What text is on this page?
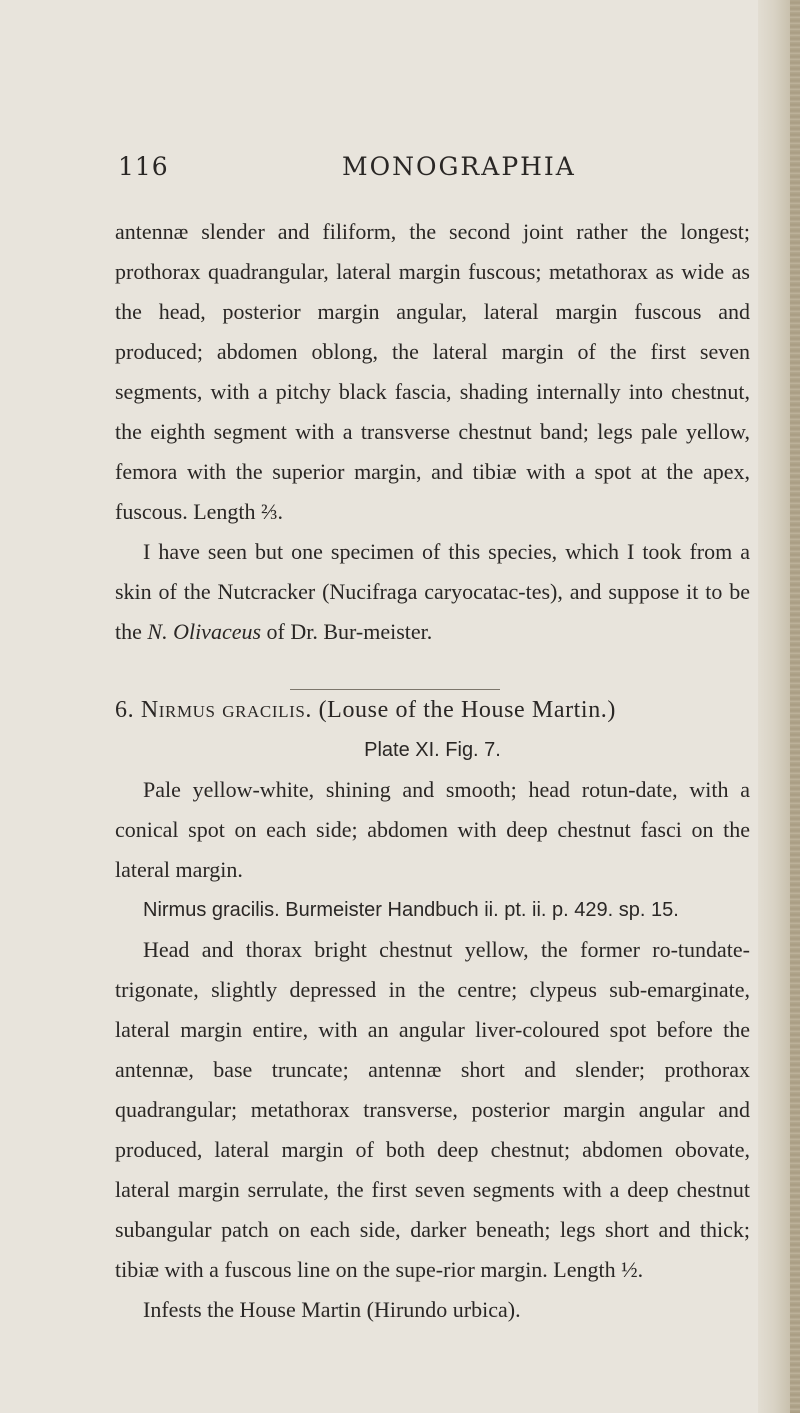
116	MONOGRAPHIA

antennæ slender and filiform, the second joint rather the longest; prothorax quadrangular, lateral margin fuscous; metathorax as wide as the head, posterior margin angular, lateral margin fuscous and produced; abdomen oblong, the lateral margin of the first seven segments, with a pitchy black fascia, shading internally into chestnut, the eighth segment with a transverse chestnut band; legs pale yellow, femora with the superior margin, and tibiæ with a spot at the apex, fuscous. Length ⅔.

I have seen but one specimen of this species, which I took from a skin of the Nutcracker (Nucifraga caryocatac-tes), and suppose it to be the N. Olivaceus of Dr. Bur-meister.

6. Nirmus gracilis. (Louse of the House Martin.)

Plate XI. Fig. 7.

Pale yellow-white, shining and smooth; head rotun-date, with a conical spot on each side; abdomen with deep chestnut fasci on the lateral margin.

Nirmus gracilis. Burmeister Handbuch ii. pt. ii. p. 429. sp. 15.

Head and thorax bright chestnut yellow, the former ro-tundate-trigonate, slightly depressed in the centre; clypeus sub-emarginate, lateral margin entire, with an angular liver-coloured spot before the antennæ, base truncate; antennæ short and slender; prothorax quadrangular; metathorax transverse, posterior margin angular and produced, lateral margin of both deep chestnut; abdomen obovate, lateral margin serrulate, the first seven segments with a deep chestnut subangular patch on each side, darker beneath; legs short and thick; tibiæ with a fuscous line on the supe-rior margin. Length ½.

Infests the House Martin (Hirundo urbica).
